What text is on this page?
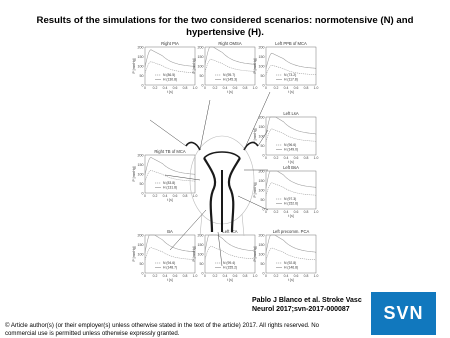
Results of the simulations for the two considered scenarios: normotensive (N) and hypertensive (H).
Right PIA
0
50
100
150
200
0 0.2 0.4 0.6 0.8 1.0
t [s]
P [mmHg]
N (86.5)
H (130.8)
Right OMSA
0
50
100
150
200
0 0.2 0.4 0.6 0.8 1.0
t [s]
P [mmHg]
N (95.7)
H (145.3)
Left PPB of MCA
0
50
100
150
200
0 0.2 0.4 0.6 0.8 1.0
t [s]
P [mmHg]
N (73.2)
H (117.8)
Left LsA
0
50
100
150
200
0 0.2 0.4 0.6 0.8 1.0
t [s]
P [mmHg]
N (96.6)
H (149.0)
Right TB of MCA
0
50
100
150
200
0 0.2 0.4 0.6 0.8 1.0
t [s]
P [mmHg]
N (83.8)
H (131.8)
Left BsA
0
50
100
150
200
0 0.2 0.4 0.6 0.8 1.0
t [s]
P [mmHg]
N (97.3)
H (152.6)
BA
0
50
100
150
200
0 0.2 0.4 0.6 0.8 1.0
t [s]
P [mmHg]
N (94.6)
H (148.7)
Left ICA
0
50
100
150
200
0 0.2 0.4 0.6 0.8 1.0
t [s]
P [mmHg]
N (99.4)
H (155.2)
Left precomm. PCA
0
50
100
150
200
0 0.2 0.4 0.6 0.8 1.0
t [s]
P [mmHg]
N (92.8)
H (146.8)
Pablo J Blanco et al. Stroke Vasc Neurol 2017;svn-2017-000087
© Article author(s) (or their employer(s) unless otherwise stated in the text of the article) 2017. All rights reserved. No commercial use is permitted unless otherwise expressly granted.
SVN
